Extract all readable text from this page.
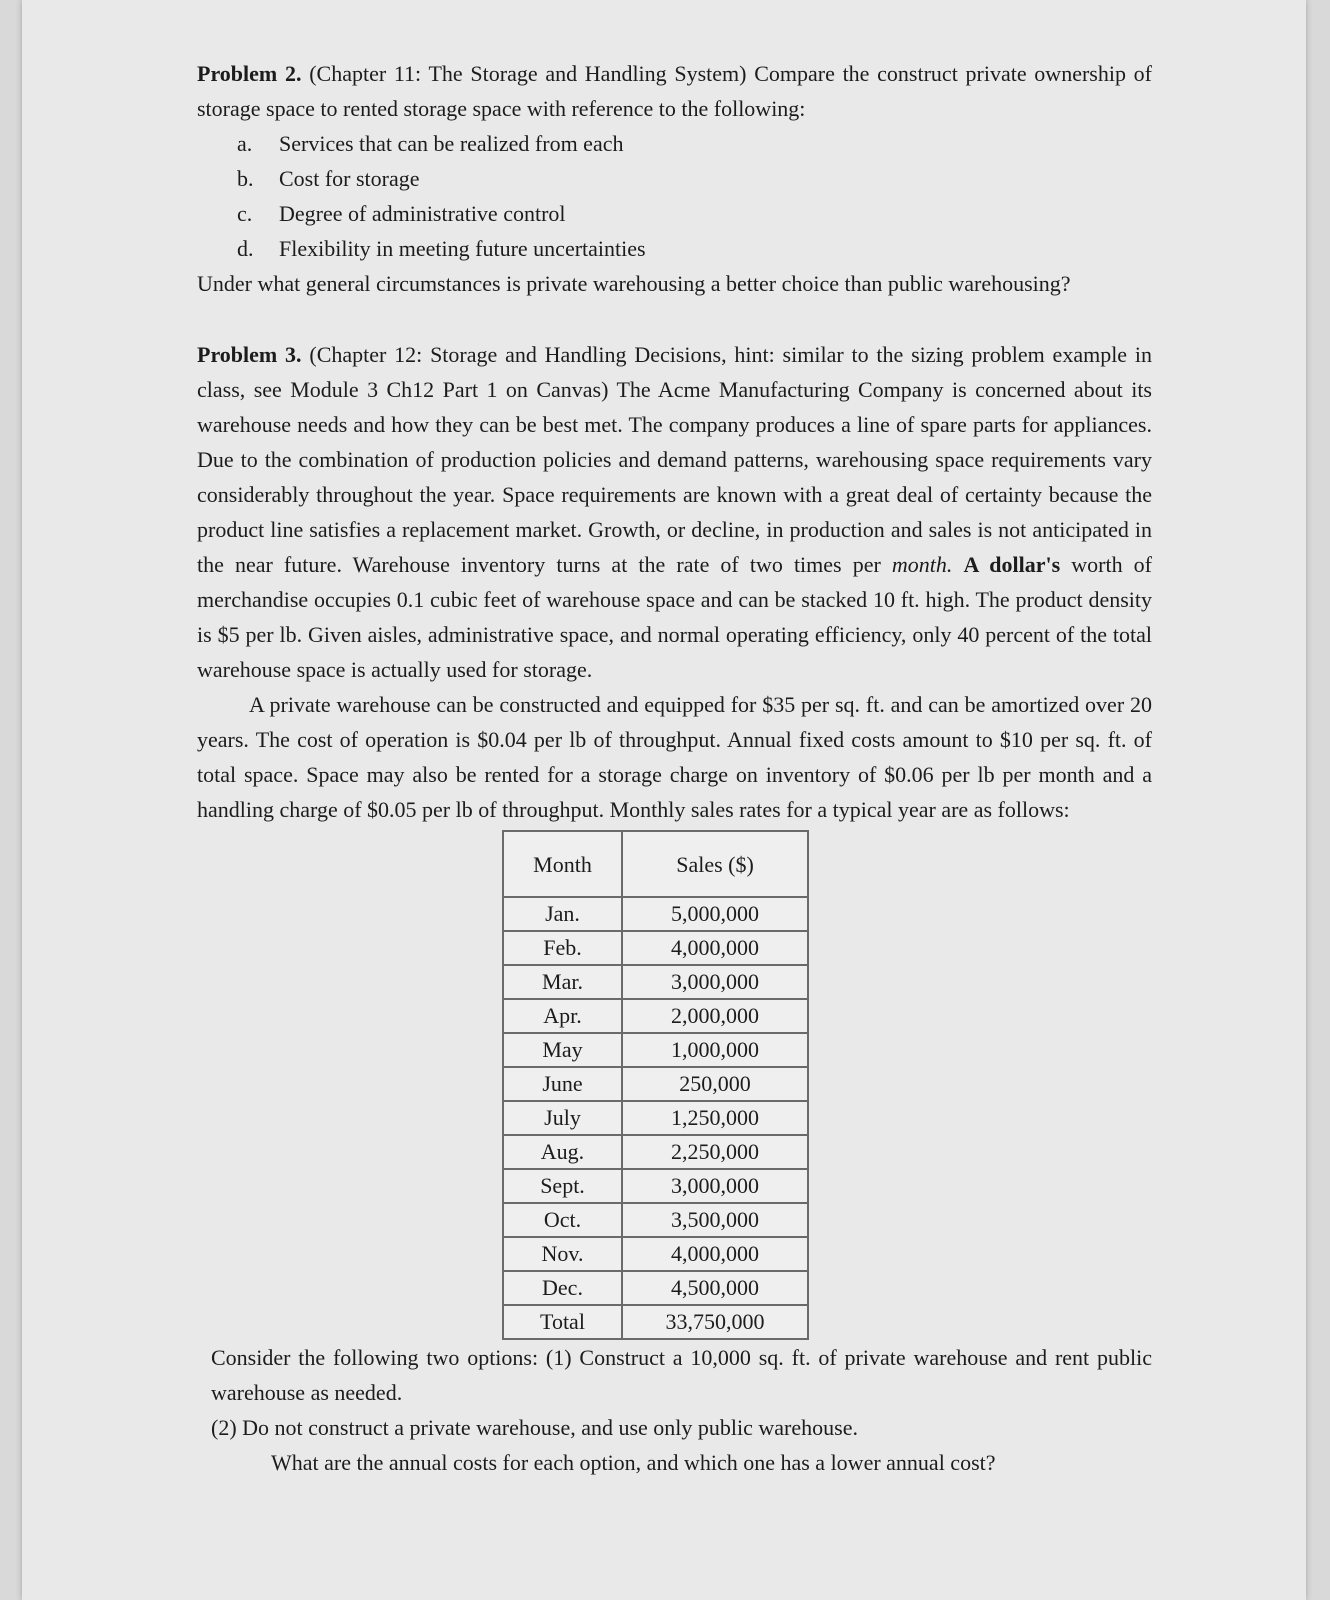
Problem 2. (Chapter 11: The Storage and Handling System) Compare the construct private ownership of storage space to rented storage space with reference to the following:

a. Services that can be realized from each
b. Cost for storage
c. Degree of administrative control
d. Flexibility in meeting future uncertainties

Under what general circumstances is private warehousing a better choice than public warehousing?

Problem 3. (Chapter 12: Storage and Handling Decisions, hint: similar to the sizing problem example in class, see Module 3 Ch12 Part 1 on Canvas) The Acme Manufacturing Company is concerned about its warehouse needs and how they can be best met. The company produces a line of spare parts for appliances. Due to the combination of production policies and demand patterns, warehousing space requirements vary considerably throughout the year. Space requirements are known with a great deal of certainty because the product line satisfies a replacement market. Growth, or decline, in production and sales is not anticipated in the near future. Warehouse inventory turns at the rate of two times per month. A dollar's worth of merchandise occupies 0.1 cubic feet of warehouse space and can be stacked 10 ft. high. The product density is $5 per lb. Given aisles, administrative space, and normal operating efficiency, only 40 percent of the total warehouse space is actually used for storage.

A private warehouse can be constructed and equipped for $35 per sq. ft. and can be amortized over 20 years. The cost of operation is $0.04 per lb of throughput. Annual fixed costs amount to $10 per sq. ft. of total space. Space may also be rented for a storage charge on inventory of $0.06 per lb per month and a handling charge of $0.05 per lb of throughput. Monthly sales rates for a typical year are as follows:

Month	Sales ($)
Jan.	5,000,000
Feb.	4,000,000
Mar.	3,000,000
Apr.	2,000,000
May	1,000,000
June	250,000
July	1,250,000
Aug.	2,250,000
Sept.	3,000,000
Oct.	3,500,000
Nov.	4,000,000
Dec.	4,500,000
Total	33,750,000

Consider the following two options: (1) Construct a 10,000 sq. ft. of private warehouse and rent public warehouse as needed.

(2) Do not construct a private warehouse, and use only public warehouse.

What are the annual costs for each option, and which one has a lower annual cost?
